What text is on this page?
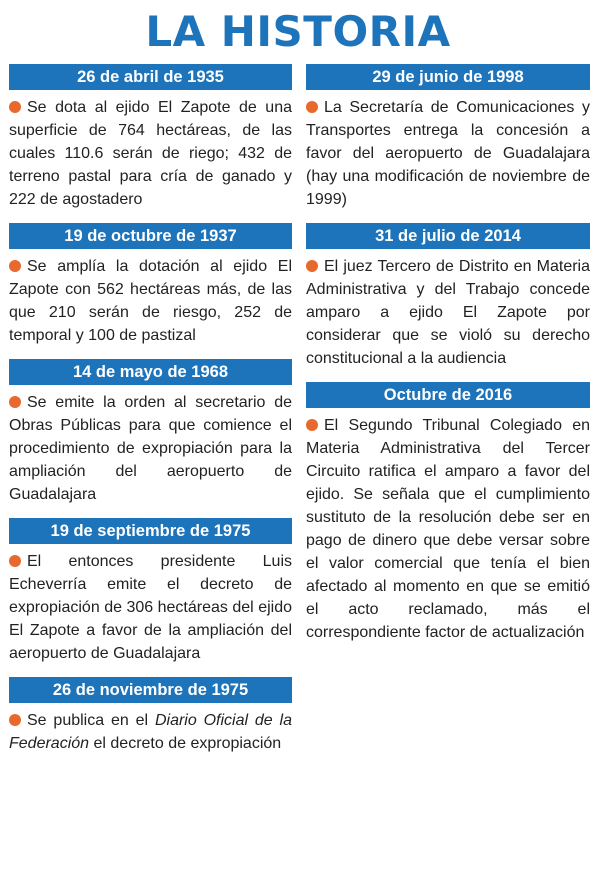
LA HISTORIA
26 de abril de 1935

Se dota al ejido El Zapote de una superficie de 764 hectáreas, de las cuales 110.6 serán de riego; 432 de terreno pastal para cría de ganado y 222 de agostadero

19 de octubre de 1937

Se amplía la dotación al ejido El Zapote con 562 hectáreas más, de las que 210 serán de riesgo, 252 de temporal y 100 de pastizal

14 de mayo de 1968

Se emite la orden al secretario de Obras Públicas para que comience el procedimiento de expropiación para la ampliación del aeropuerto de Guadalajara

19 de septiembre de 1975

El entonces presidente Luis Echeverría emite el decreto de expropiación de 306 hectáreas del ejido El Zapote a favor de la ampliación del aeropuerto de Guadalajara

26 de noviembre de 1975

Se publica en el Diario Oficial de la Federación el decreto de expropiación

29 de junio de 1998

La Secretaría de Comunicaciones y Transportes entrega la concesión a favor del aeropuerto de Guadalajara (hay una modificación de noviembre de 1999)

31 de julio de 2014

El juez Tercero de Distrito en Materia Administrativa y del Trabajo concede amparo a ejido El Zapote por considerar que se violó su derecho constitucional a la audiencia

Octubre de 2016

El Segundo Tribunal Colegiado en Materia Administrativa del Tercer Circuito ratifica el amparo a favor del ejido. Se señala que el cumplimiento sustituto de la resolución debe ser en pago de dinero que debe versar sobre el valor comercial que tenía el bien afectado al momento en que se emitió el acto reclamado, más el correspondiente factor de actualización
